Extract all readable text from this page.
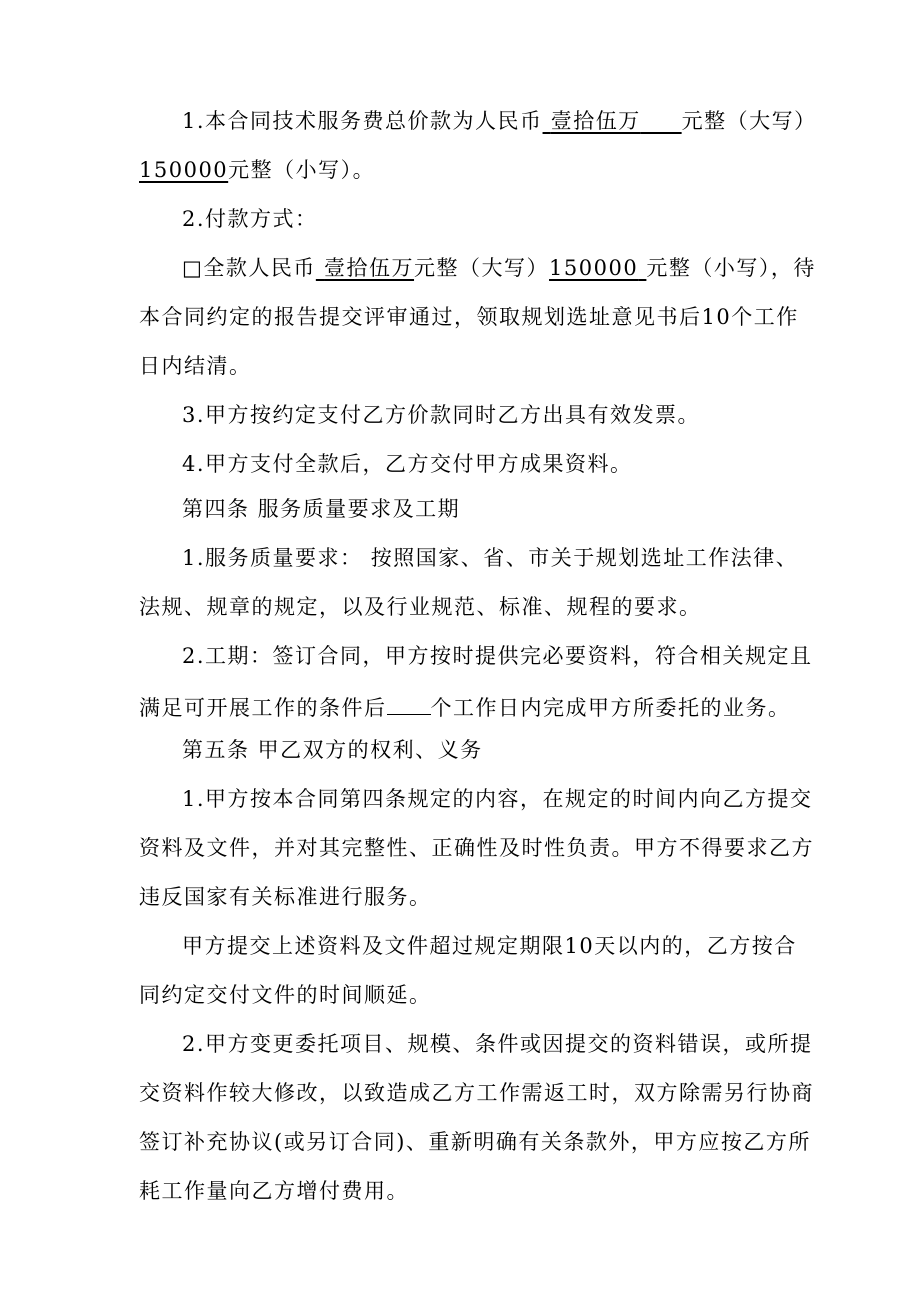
1.本合同技术服务费总价款为人民币 壹拾伍万 元整（大写）
150000元整（小写）。
2.付款方式：
□全款人民币 壹拾伍万元整（大写）150000 元整（小写），待
本合同约定的报告提交评审通过，领取规划选址意见书后10个工作
日内结清。
3.甲方按约定支付乙方价款同时乙方出具有效发票。
4.甲方支付全款后，乙方交付甲方成果资料。
第四条 服务质量要求及工期
1.服务质量要求： 按照国家、省、市关于规划选址工作法律、
法规、规章的规定，以及行业规范、标准、规程的要求。
2.工期：签订合同，甲方按时提供完必要资料，符合相关规定且
满足可开展工作的条件后 个工作日内完成甲方所委托的业务。
第五条 甲乙双方的权利、义务
1.甲方按本合同第四条规定的内容，在规定的时间内向乙方提交
资料及文件，并对其完整性、正确性及时性负责。甲方不得要求乙方
违反国家有关标准进行服务。
甲方提交上述资料及文件超过规定期限10天以内的，乙方按合
同约定交付文件的时间顺延。
2.甲方变更委托项目、规模、条件或因提交的资料错误，或所提
交资料作较大修改，以致造成乙方工作需返工时，双方除需另行协商
签订补充协议(或另订合同)、重新明确有关条款外，甲方应按乙方所
耗工作量向乙方增付费用。
